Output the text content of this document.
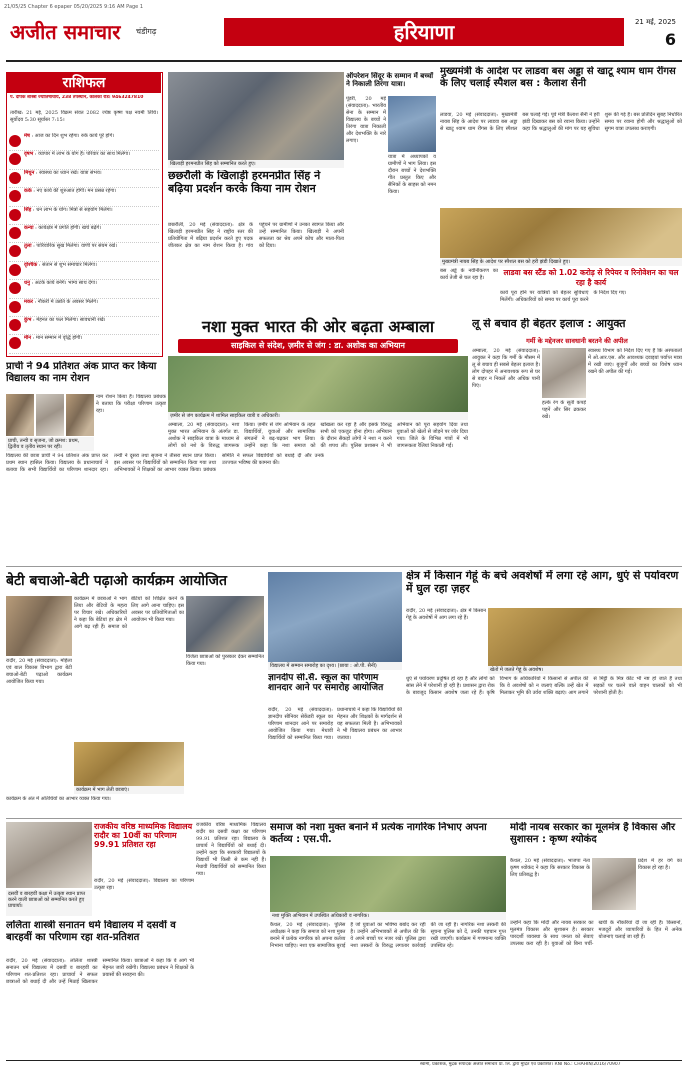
21/05/25 Chapter 6 epaper 05/20/2025 9:16 AM Page 1
अजीत समाचार	चंडीगढ़	हरियाणा	21 मई, 2025
6
राशिफल
पं. दीपक शास्त्री ज्योतिषाचार्य, 238 तपस्थान, कालका रोड। 9463247810
तारीख: 21 मई, 2025 विक्रम संवत 2082 ज्येष्ठ कृष्ण पक्ष नवमी तिथि। सूर्योदय 5:30 सूर्यास्त 7:15।
मेष : आज का दिन शुभ रहेगा। रुके कार्य पूरे होंगे।
वृषभ : व्यापार में लाभ के योग हैं। परिवार का साथ मिलेगा।
मिथुन : स्वास्थ्य का ध्यान रखें। यात्रा संभव।
कर्क : नए कार्य की शुरुआत होगी। मन प्रसन्न रहेगा।
सिंह : धन लाभ के योग। मित्रों से सहयोग मिलेगा।
कन्या : कार्यक्षेत्र में प्रगति होगी। खर्च बढ़ेंगे।
तुला : पारिवारिक सुख मिलेगा। वाणी पर संयम रखें।
वृश्चिक : संतान से शुभ समाचार मिलेगा।
धनु : अटके कार्य बनेंगे। भाग्य साथ देगा।
मकर : नौकरी में उन्नति के अवसर मिलेंगे।
कुंभ : मेहनत का फल मिलेगा। सावधानी रखें।
मीन : मान सम्मान में वृद्धि होगी।
प्राची ने 94 प्रतिशत अंक प्राप्त कर किया विद्यालय का नाम रोशन
प्राची, तन्वी व सृजना, जो क्रमश: प्रथम, द्वितीय व तृतीय स्थान पर रहीं।
नाम रोशन किया है। विद्यालय प्रबंधक ने बताया कि परीक्षा परिणाम उत्कृष्ट रहा।
विद्यालय की छात्रा प्राची ने 94 प्रतिशत अंक प्राप्त कर प्रथम स्थान हासिल किया। विद्यालय के प्रधानाचार्य ने बताया कि सभी विद्यार्थियों का परिणाम शानदार रहा। तन्वी ने दूसरा तथा सृजना ने तीसरा स्थान प्राप्त किया। इस अवसर पर विद्यार्थियों को सम्मानित किया गया तथा अभिभावकों ने शिक्षकों का आभार व्यक्त किया। प्रबंधक समिति ने सफल विद्यार्थियों को बधाई दी और उनके उज्ज्वल भविष्य की कामना की।
खिलाड़ी हरमनप्रीत सिंह को सम्मानित करते हुए।
छछरौली के खिलाड़ी हरमनप्रीत सिंह ने बढ़िया प्रदर्शन करके किया नाम रोशन
छछरौली, 20 मई (संवाददाता): क्षेत्र के खिलाड़ी हरमनप्रीत सिंह ने राष्ट्रीय स्तर की प्रतियोगिता में बढ़िया प्रदर्शन करते हुए पदक जीतकर क्षेत्र का नाम रोशन किया है। गांव पहुंचने पर ग्रामीणों ने उनका स्वागत किया और उन्हें सम्मानित किया। खिलाड़ी ने अपनी सफलता का श्रेय अपने कोच और माता-पिता को दिया।
ऑपरेशन सिंदूर के सम्मान में बच्चों ने निकाली तिरंगा यात्रा।
पूंडरी, 20 मई (संवाददाता): भारतीय सेना के सम्मान में विद्यालय के बच्चों ने तिरंगा यात्रा निकाली और देशभक्ति के नारे लगाए।
यात्रा में अध्यापकों व ग्रामीणों ने भाग लिया। इस दौरान बच्चों ने देशभक्ति गीत प्रस्तुत किए और सैनिकों के साहस को नमन किया।
मुख्यमंत्री के आदेश पर लाडवा बस अड्डा से खाटू श्याम धाम रींगस के लिए चलाई स्पैशल बस : कैलाश सैनी
लाडवा, 20 मई (संवाददाता): मुख्यमंत्री नायब सिंह के आदेश पर लाडवा बस अड्डा से खाटू श्याम धाम रींगस के लिए स्पैशल बस चलाई गई। पूर्व मंत्री कैलाश सैनी ने हरी झंडी दिखाकर बस को रवाना किया। उन्होंने कहा कि श्रद्धालुओं की मांग पर यह सुविधा शुरू की गई है। बस प्रतिदिन सुबह निर्धारित समय पर रवाना होगी और श्रद्धालुओं को सुगम यात्रा उपलब्ध कराएगी।
मुख्यमंत्री नायब सिंह के आदेश पर स्पैशल बस को हरी झंडी दिखाते हुए।
लाडवा बस स्टैंड को 1.02 करोड़ से रिपेयर व रिनोवेशन का चल रहा है कार्य
बस अड्डे के नवीनीकरण का कार्य तेजी से चल रहा है।
कार्य पूरा होने पर यात्रियों को बेहतर सुविधाएं मिलेंगी। अधिकारियों को समय पर कार्य पूरा करने के निर्देश दिए गए।
नशा मुक्त भारत की ओर बढ़ता अम्बाला
साइकिल से संदेश, ज़मीर से जंग : डा. अशोक का अभियान
ज़मीर से जंग कार्यक्रम में शामिल साइकिल यात्री व अधिकारी।
अम्बाला, 20 मई (संवाददाता): नशा मुक्त भारत अभियान के अंतर्गत डा. अशोक ने साइकिल यात्रा के माध्यम से लोगों को नशे के विरुद्ध जागरूक किया। ज़मीर से जंग अभियान के तहत विद्यार्थियों, युवाओं और सामाजिक संगठनों ने बढ़-चढ़कर भाग लिया। उन्होंने कहा कि नशा समाज को खोखला कर रहा है और इसके विरुद्ध सभी को एकजुट होना होगा। अभियान के दौरान सैकड़ों लोगों ने नशा न करने की शपथ ली। पुलिस प्रशासन ने भी अभियान को पूरा सहयोग दिया तथा युवाओं को खेलों से जोड़ने पर जोर दिया गया। जिले के विभिन्न गांवों में भी जागरूकता रैलियां निकाली गईं।
लू से बचाव ही बेहतर इलाज : आयुक्त
गर्मी के मद्देनजर सावधानी बरतने की अपील
अम्बाला, 20 मई (संवाददाता): आयुक्त ने कहा कि गर्मी के मौसम में लू से बचाव ही सबसे बेहतर इलाज है। लोग दोपहर में अनावश्यक रूप से घर से बाहर न निकलें और अधिक पानी पिएं।
स्वास्थ्य विभाग को निर्देश दिए गए हैं कि अस्पतालों में ओ.आर.एस. और आवश्यक दवाइयां पर्याप्त मात्रा में रखी जाएं। बुजुर्गों और बच्चों का विशेष ध्यान रखने की अपील की गई।
हल्के रंग के सूती कपड़े पहनें और सिर ढककर रखें।
बेटी बचाओ-बेटी पढ़ाओ कार्यक्रम आयोजित
रादौर, 20 मई (संवाददाता): महिला एवं बाल विकास विभाग द्वारा बेटी बचाओ-बेटी पढ़ाओ कार्यक्रम आयोजित किया गया।
कार्यक्रम में छात्राओं ने भाग लिया और बेटियों के महत्व पर विचार रखे। अधिकारियों ने कहा कि बेटियां हर क्षेत्र में आगे बढ़ रही हैं। समाज को बेटियों को शिक्षित करने के लिए आगे आना चाहिए। इस अवसर पर प्रतियोगिताओं का आयोजन भी किया गया।
विजेता छात्राओं को पुरस्कार देकर सम्मानित किया गया।
कार्यक्रम में भाग लेती छात्राएं।
कार्यक्रम के अंत में अतिथियों का आभार व्यक्त किया गया।
विद्यालय में सम्मान समारोह का दृश्य। (छाया : ओ.पी. सैनी)
ज्ञानदीप सी.सै. स्कूल का परिणाम शानदार आने पर समारोह आयोजित
रादौर, 20 मई (संवाददाता): ज्ञानदीप सीनियर सेकेंडरी स्कूल का परिणाम शानदार आने पर समारोह आयोजित किया गया। मेधावी विद्यार्थियों को सम्मानित किया गया। प्रधानाचार्य ने कहा कि विद्यार्थियों की मेहनत और शिक्षकों के मार्गदर्शन से यह सफलता मिली है। अभिभावकों ने भी विद्यालय प्रबंधन का आभार जताया।
क्षेत्र में किसान गेहूं के बचे अवशेषों में लगा रहे आग, धुएं से पर्यावरण में घुल रहा ज़हर
रादौर, 20 मई (संवाददाता): क्षेत्र में किसान गेहूं के अवशेषों में आग लगा रहे हैं।
खेतों में जलते गेहूं के अवशेष।
धुएं से पर्यावरण प्रदूषित हो रहा है और लोगों को सांस लेने में परेशानी हो रही है। प्रशासन द्वारा रोक के बावजूद किसान अवशेष जला रहे हैं। कृषि विभाग के अधिकारियों ने किसानों से अपील की कि वे अवशेषों को न जलाएं बल्कि उन्हें खेत में मिलाकर भूमि की उर्वरा शक्ति बढ़ाएं। आग लगाने से मिट्टी के मित्र कीट भी नष्ट हो जाते हैं तथा सड़कों पर चलने वाले वाहन चालकों को भी परेशानी होती है।
राजकीय वरिष्ठ माध्यमिक विद्यालय रादौर का 10वीं का परिणाम 99.91 प्रतिशत रहा
रादौर, 20 मई (संवाददाता): विद्यालय का परिणाम उत्कृष्ट रहा।
दसवीं व बारहवीं कक्षा में उत्कृष्ट स्थान प्राप्त करने वाली छात्राओं को सम्मानित करते हुए प्राचार्या।
ललिता शास्त्री सनातन धर्म विद्यालय में दसवीं व बारहवीं का परिणाम रहा शत-प्रतिशत
रादौर, 20 मई (संवाददाता): ललिता शास्त्री सनातन धर्म विद्यालय में दसवीं व बारहवीं का परिणाम शत-प्रतिशत रहा। प्राचार्या ने सफल छात्राओं को बधाई दी और उन्हें मिठाई खिलाकर सम्मानित किया। छात्राओं ने कहा कि वे आगे भी मेहनत जारी रखेंगी। विद्यालय प्रबंधन ने शिक्षकों के प्रयासों की सराहना की।
राजकीय वरिष्ठ माध्यमिक विद्यालय रादौर का दसवीं कक्षा का परिणाम 99.91 प्रतिशत रहा। विद्यालय के प्राचार्य ने विद्यार्थियों को बधाई दी। उन्होंने कहा कि सरकारी विद्यालयों के विद्यार्थी भी किसी से कम नहीं हैं। मेधावी विद्यार्थियों को सम्मानित किया गया।
समाज को नशा मुक्त बनाने में प्रत्येक नागरिक निभाए अपना कर्तव्य : एस.पी.
नशा मुक्ति अभियान में उपस्थित अधिकारी व नागरिक।
कैथल, 20 मई (संवाददाता): पुलिस अधीक्षक ने कहा कि समाज को नशा मुक्त बनाने में प्रत्येक नागरिक को अपना कर्तव्य निभाना चाहिए। नशा एक सामाजिक बुराई है जो युवाओं का भविष्य बर्बाद कर रही है। उन्होंने अभिभावकों से अपील की कि वे अपने बच्चों पर नजर रखें। पुलिस द्वारा नशा तस्करों के विरुद्ध लगातार कार्रवाई की जा रही है। नागरिक नशा तस्करी की सूचना पुलिस को दें, उनकी पहचान गुप्त रखी जाएगी। कार्यक्रम में गणमान्य व्यक्ति उपस्थित रहे।
मोदी नायब सरकार का मूलमंत्र है विकास और सुशासन : कृष्ण श्योकंद
कैथल, 20 मई (संवाददाता): भाजपा नेता कृष्ण श्योकंद ने कहा कि सरकार विकास के लिए प्रतिबद्ध है।
प्रदेश में हर वर्ग का विकास हो रहा है।
उन्होंने कहा कि मोदी और नायब सरकार का मूलमंत्र विकास और सुशासन है। सरकार पारदर्शी व्यवस्था के साथ जनता को सेवाएं उपलब्ध करा रही है। युवाओं को बिना पर्ची-खर्ची के नौकरियां दी जा रही हैं। किसानों, मजदूरों और व्यापारियों के हित में अनेक योजनाएं चलाई जा रही हैं।
स्वामी, प्रकाशक, मुद्रक संपादक अजीत समाचार प्रा. लि. द्वारा मुद्रित एवं प्रकाशित। RNI No.: CHAHIN/2016/70907
